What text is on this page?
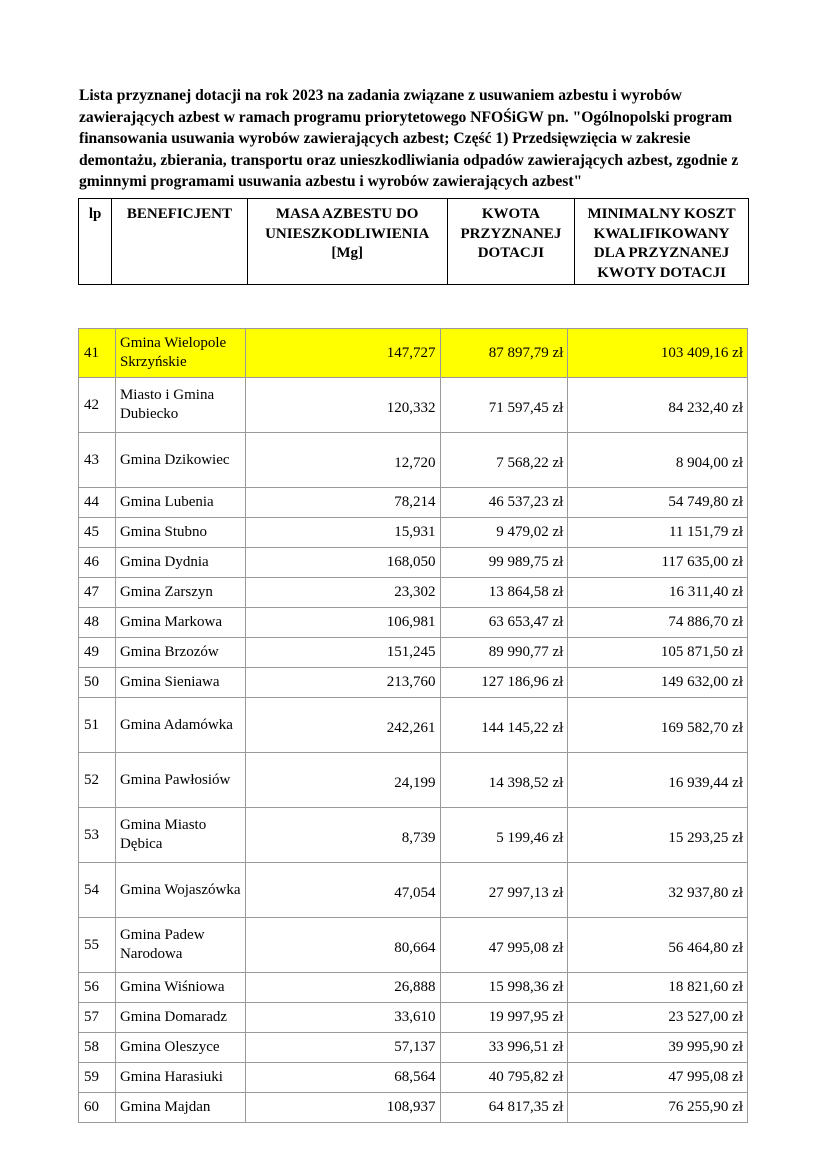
Lista przyznanej dotacji na rok 2023 na zadania związane z usuwaniem azbestu i wyrobów zawierających azbest w ramach programu priorytetowego NFOŚiGW pn. "Ogólnopolski program finansowania usuwania wyrobów zawierających azbest; Część 1) Przedsięwzięcia w zakresie demontażu, zbierania, transportu oraz unieszkodliwiania odpadów zawierających azbest, zgodnie z gminnymi programami usuwania azbestu i wyrobów zawierających azbest"
lp	BENEFICJENT	MASA AZBESTU DO UNIESZKODLIWIENIA [Mg]	KWOTA PRZYZNANEJ DOTACJI	MINIMALNY KOSZT KWALIFIKOWANY DLA PRZYZNANEJ KWOTY DOTACJI
41	Gmina Wielopole Skrzyńskie	147,727	87 897,79 zł	103 409,16 zł
42	Miasto i Gmina Dubiecko	120,332	71 597,45 zł	84 232,40 zł
43	Gmina Dzikowiec	12,720	7 568,22 zł	8 904,00 zł
44	Gmina Lubenia	78,214	46 537,23 zł	54 749,80 zł
45	Gmina Stubno	15,931	9 479,02 zł	11 151,79 zł
46	Gmina Dydnia	168,050	99 989,75 zł	117 635,00 zł
47	Gmina Zarszyn	23,302	13 864,58 zł	16 311,40 zł
48	Gmina Markowa	106,981	63 653,47 zł	74 886,70 zł
49	Gmina Brzozów	151,245	89 990,77 zł	105 871,50 zł
50	Gmina Sieniawa	213,760	127 186,96 zł	149 632,00 zł
51	Gmina Adamówka	242,261	144 145,22 zł	169 582,70 zł
52	Gmina Pawłosiów	24,199	14 398,52 zł	16 939,44 zł
53	Gmina Miasto Dębica	8,739	5 199,46 zł	15 293,25 zł
54	Gmina Wojaszówka	47,054	27 997,13 zł	32 937,80 zł
55	Gmina Padew Narodowa	80,664	47 995,08 zł	56 464,80 zł
56	Gmina Wiśniowa	26,888	15 998,36 zł	18 821,60 zł
57	Gmina Domaradz	33,610	19 997,95 zł	23 527,00 zł
58	Gmina Oleszyce	57,137	33 996,51 zł	39 995,90 zł
59	Gmina Harasiuki	68,564	40 795,82 zł	47 995,08 zł
60	Gmina Majdan	108,937	64 817,35 zł	76 255,90 zł
